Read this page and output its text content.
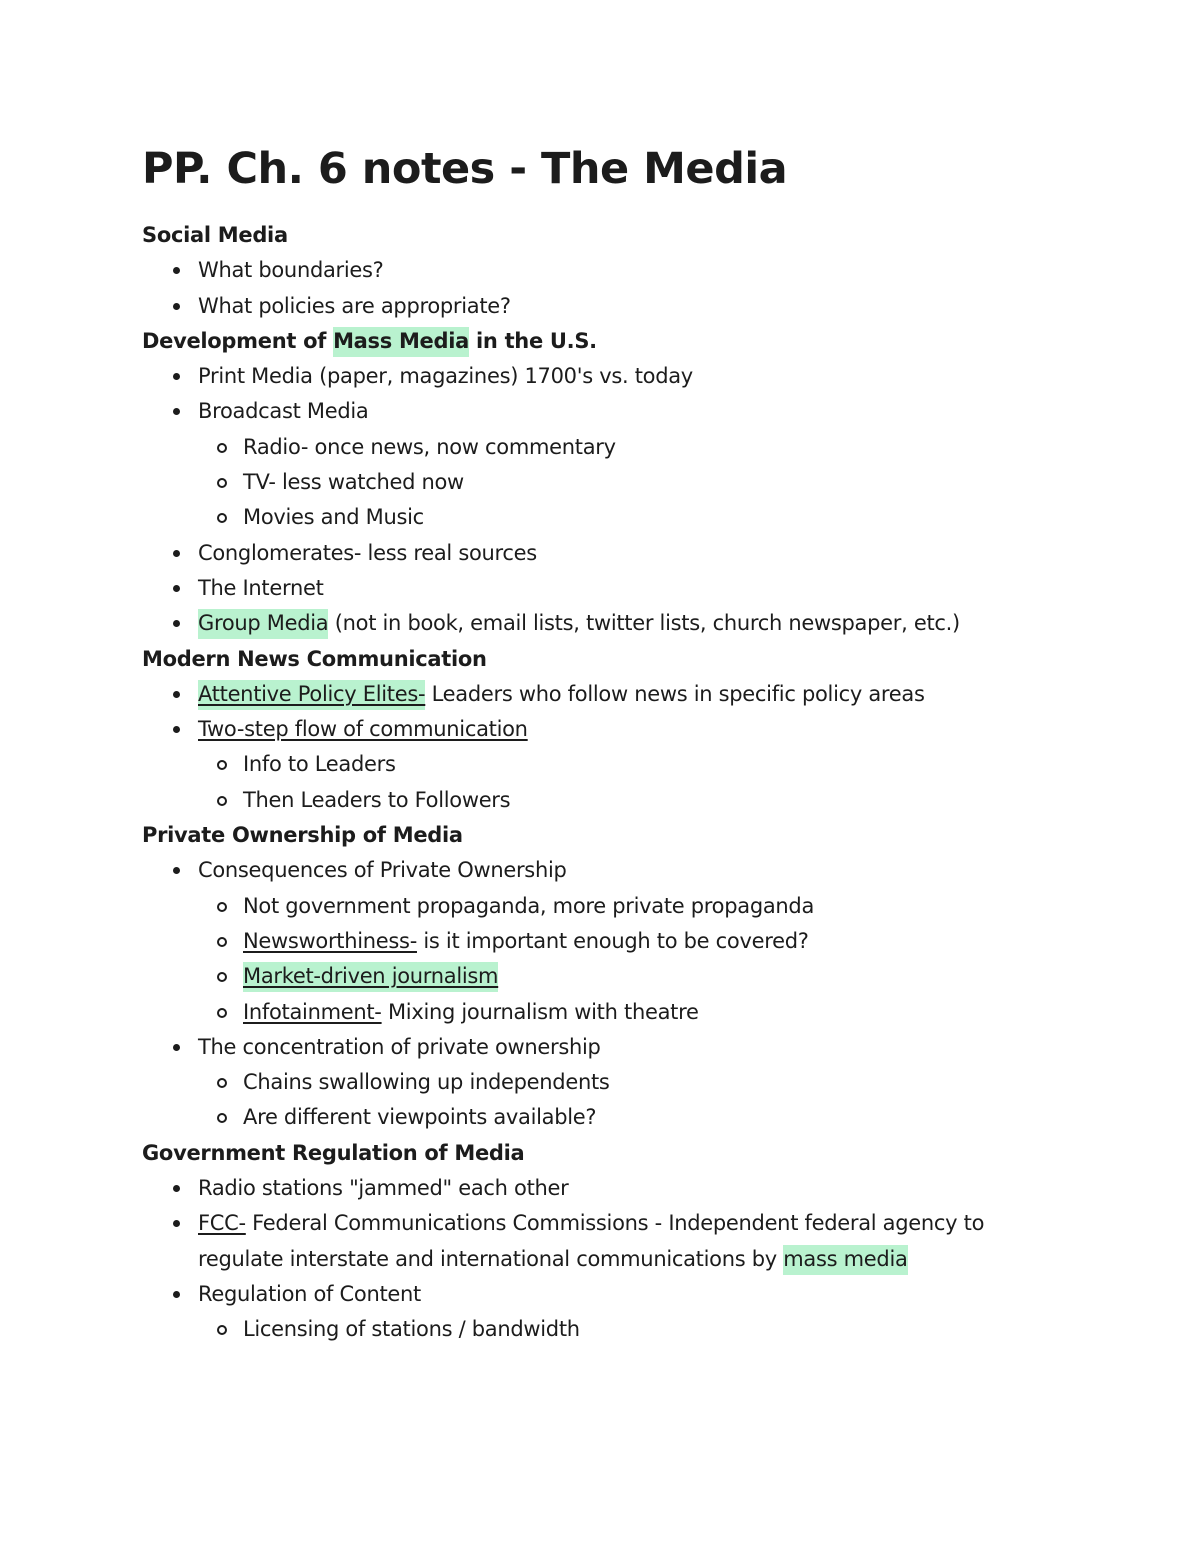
PP. Ch. 6 notes - The Media
Social Media
What boundaries?
What policies are appropriate?
Development of Mass Media in the U.S.
Print Media (paper, magazines) 1700's vs. today
Broadcast Media
Radio- once news, now commentary
TV- less watched now
Movies and Music
Conglomerates- less real sources
The Internet
Group Media (not in book, email lists, twitter lists, church newspaper, etc.)
Modern News Communication
Attentive Policy Elites- Leaders who follow news in specific policy areas
Two-step flow of communication
Info to Leaders
Then Leaders to Followers
Private Ownership of Media
Consequences of Private Ownership
Not government propaganda, more private propaganda
Newsworthiness- is it important enough to be covered?
Market-driven journalism
Infotainment- Mixing journalism with theatre
The concentration of private ownership
Chains swallowing up independents
Are different viewpoints available?
Government Regulation of Media
Radio stations "jammed" each other
FCC- Federal Communications Commissions - Independent federal agency to
regulate interstate and international communications by mass media
Regulation of Content
Licensing of stations / bandwidth
